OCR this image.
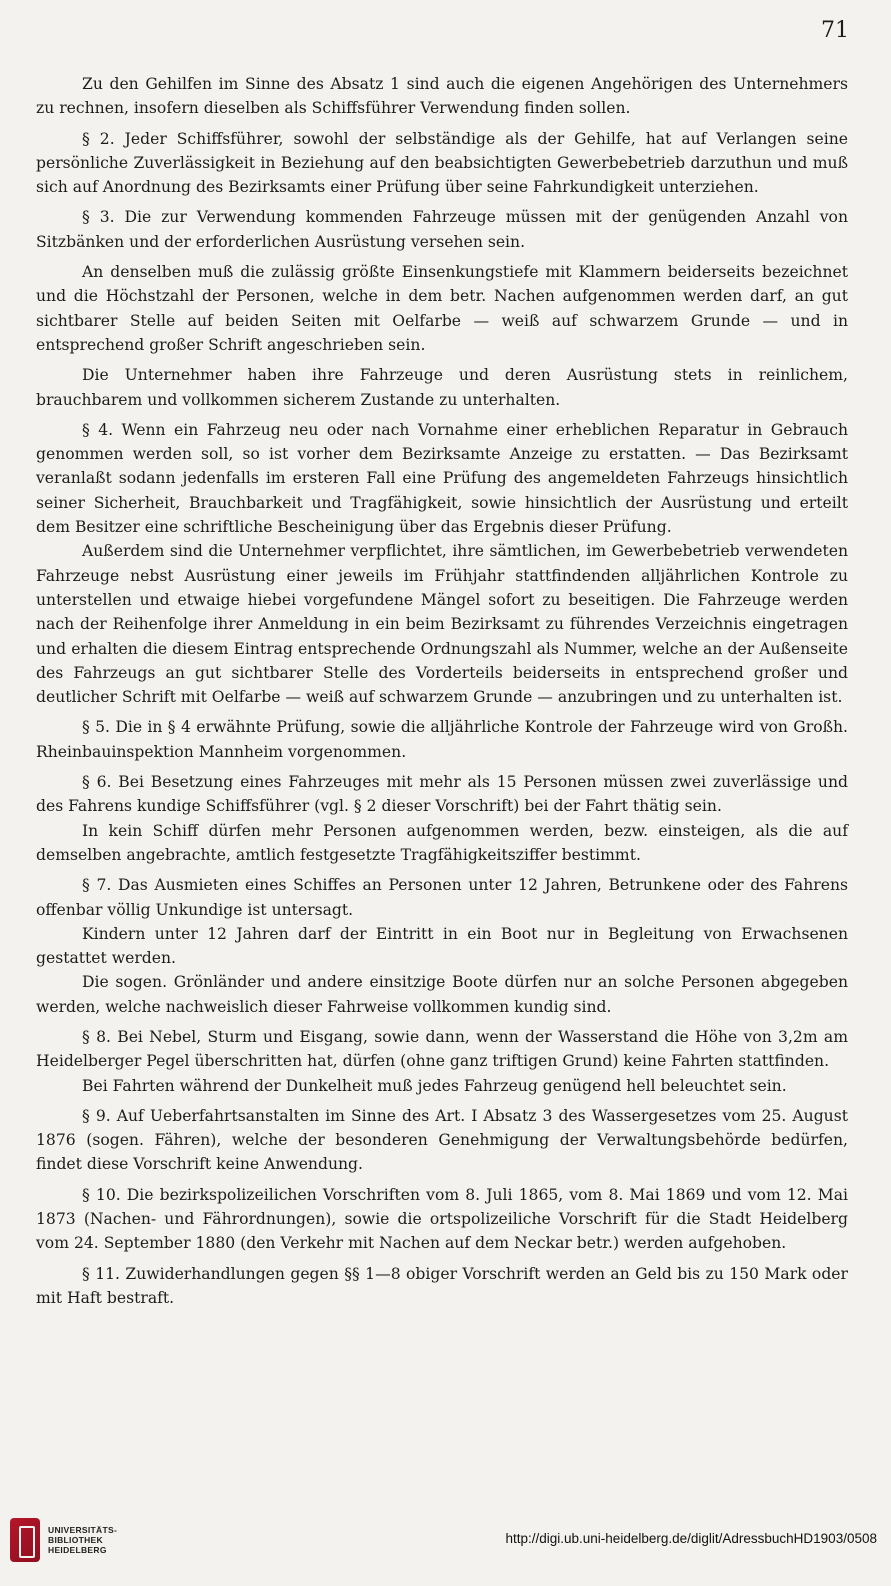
71

Zu den Gehilfen im Sinne des Absatz 1 sind auch die eigenen Angehörigen des Unternehmers zu rechnen, insofern dieselben als Schiffsführer Verwendung finden sollen.

§ 2. Jeder Schiffsführer, sowohl der selbständige als der Gehilfe, hat auf Verlangen seine persönliche Zuverlässigkeit in Beziehung auf den beabsichtigten Gewerbebetrieb darzuthun und muß sich auf Anordnung des Bezirksamts einer Prüfung über seine Fahrkundigkeit unterziehen.

§ 3. Die zur Verwendung kommenden Fahrzeuge müssen mit der genügenden Anzahl von Sitzbänken und der erforderlichen Ausrüstung versehen sein.

An denselben muß die zulässig größte Einsenkungstiefe mit Klammern beiderseits bezeichnet und die Höchstzahl der Personen, welche in dem betr. Nachen aufgenommen werden darf, an gut sichtbarer Stelle auf beiden Seiten mit Oelfarbe — weiß auf schwarzem Grunde — und in entsprechend großer Schrift angeschrieben sein.

Die Unternehmer haben ihre Fahrzeuge und deren Ausrüstung stets in reinlichem, brauchbarem und vollkommen sicherem Zustande zu unterhalten.

§ 4. Wenn ein Fahrzeug neu oder nach Vornahme einer erheblichen Reparatur in Gebrauch genommen werden soll, so ist vorher dem Bezirksamte Anzeige zu erstatten. — Das Bezirksamt veranlaßt sodann jedenfalls im ersteren Fall eine Prüfung des angemeldeten Fahrzeugs hinsichtlich seiner Sicherheit, Brauchbarkeit und Tragfähigkeit, sowie hinsichtlich der Ausrüstung und erteilt dem Besitzer eine schriftliche Bescheinigung über das Ergebnis dieser Prüfung.

Außerdem sind die Unternehmer verpflichtet, ihre sämtlichen, im Gewerbebetrieb verwendeten Fahrzeuge nebst Ausrüstung einer jeweils im Frühjahr stattfindenden alljährlichen Kontrole zu unterstellen und etwaige hiebei vorgefundene Mängel sofort zu beseitigen. Die Fahrzeuge werden nach der Reihenfolge ihrer Anmeldung in ein beim Bezirksamt zu führendes Verzeichnis eingetragen und erhalten die diesem Eintrag entsprechende Ordnungszahl als Nummer, welche an der Außenseite des Fahrzeugs an gut sichtbarer Stelle des Vorderteils beiderseits in entsprechend großer und deutlicher Schrift mit Oelfarbe — weiß auf schwarzem Grunde — anzubringen und zu unterhalten ist.

§ 5. Die in § 4 erwähnte Prüfung, sowie die alljährliche Kontrole der Fahrzeuge wird von Großh. Rheinbauinspektion Mannheim vorgenommen.

§ 6. Bei Besetzung eines Fahrzeuges mit mehr als 15 Personen müssen zwei zuverlässige und des Fahrens kundige Schiffsführer (vgl. § 2 dieser Vorschrift) bei der Fahrt thätig sein.

In kein Schiff dürfen mehr Personen aufgenommen werden, bezw. einsteigen, als die auf demselben angebrachte, amtlich festgesetzte Tragfähigkeitsziffer bestimmt.

§ 7. Das Ausmieten eines Schiffes an Personen unter 12 Jahren, Betrunkene oder des Fahrens offenbar völlig Unkundige ist untersagt.

Kindern unter 12 Jahren darf der Eintritt in ein Boot nur in Begleitung von Erwachsenen gestattet werden.

Die sogen. Grönländer und andere einsitzige Boote dürfen nur an solche Personen abgegeben werden, welche nachweislich dieser Fahrweise vollkommen kundig sind.

§ 8. Bei Nebel, Sturm und Eisgang, sowie dann, wenn der Wasserstand die Höhe von 3,2m am Heidelberger Pegel überschritten hat, dürfen (ohne ganz triftigen Grund) keine Fahrten stattfinden.

Bei Fahrten während der Dunkelheit muß jedes Fahrzeug genügend hell beleuchtet sein.

§ 9. Auf Ueberfahrtsanstalten im Sinne des Art. I Absatz 3 des Wassergesetzes vom 25. August 1876 (sogen. Fähren), welche der besonderen Genehmigung der Verwaltungsbehörde bedürfen, findet diese Vorschrift keine Anwendung.

§ 10. Die bezirkspolizeilichen Vorschriften vom 8. Juli 1865, vom 8. Mai 1869 und vom 12. Mai 1873 (Nachen- und Fährordnungen), sowie die ortspolizeiliche Vorschrift für die Stadt Heidelberg vom 24. September 1880 (den Verkehr mit Nachen auf dem Neckar betr.) werden aufgehoben.

§ 11. Zuwiderhandlungen gegen §§ 1—8 obiger Vorschrift werden an Geld bis zu 150 Mark oder mit Haft bestraft.

UNIVERSITÄTS-
BIBLIOTHEK
HEIDELBERG
http://digi.ub.uni-heidelberg.de/diglit/AdressbuchHD1903/0508
